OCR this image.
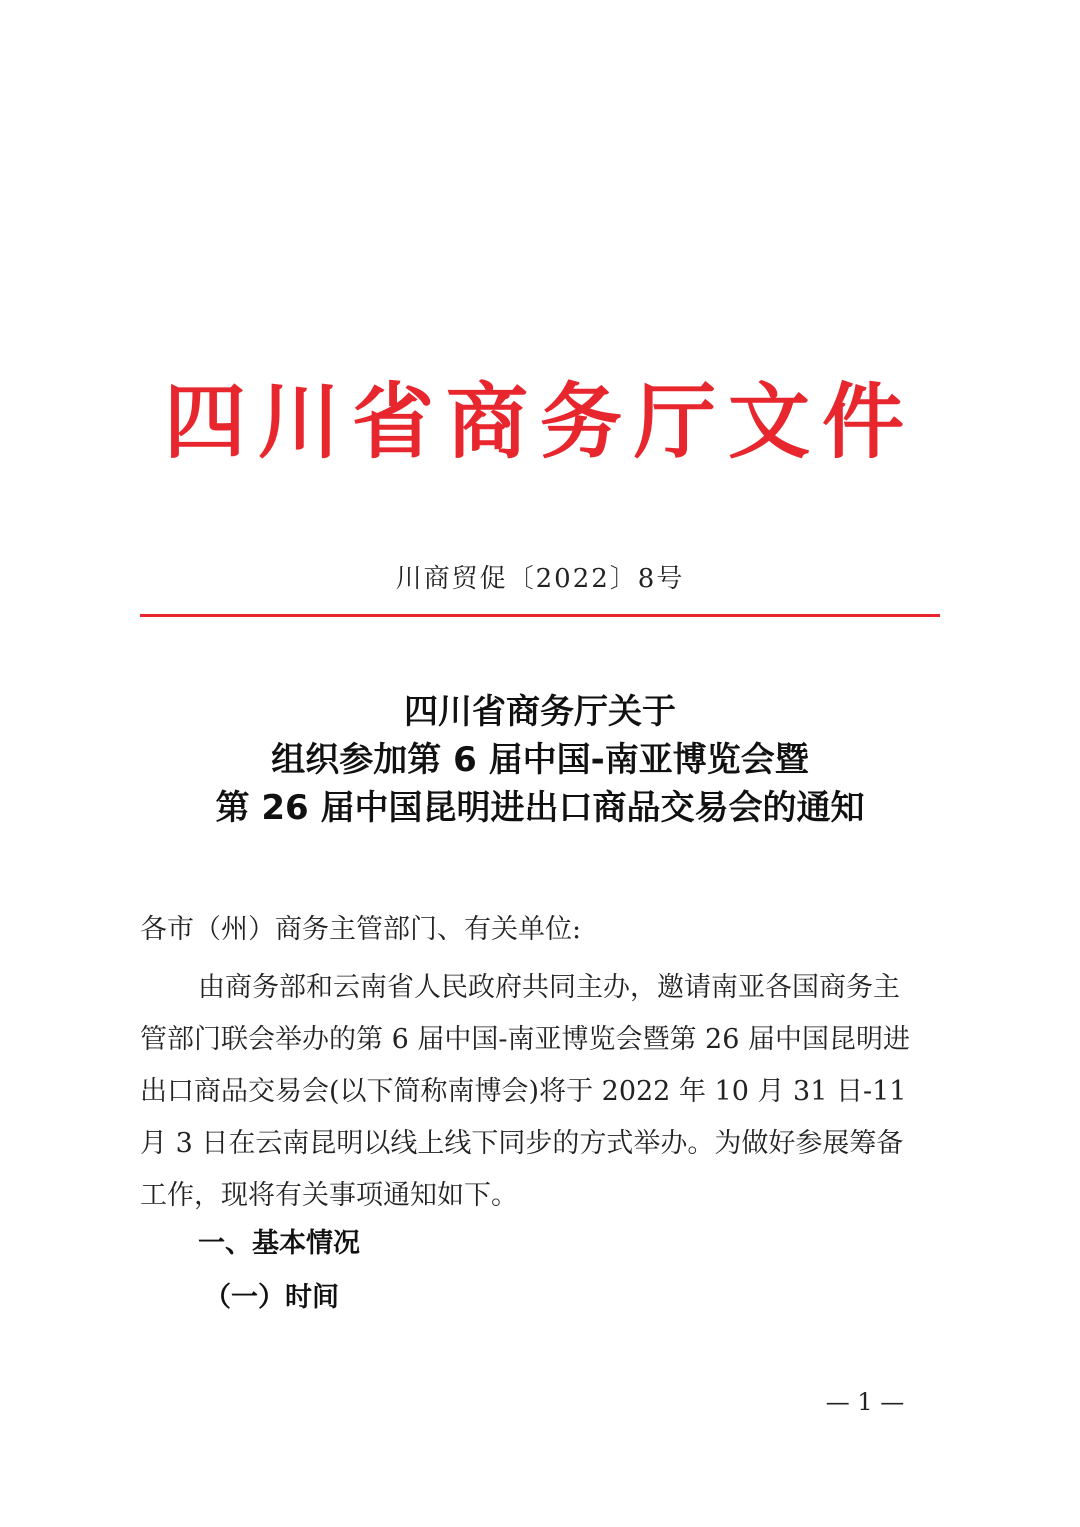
四川省商务厅文件
川商贸促〔2022〕8号
四川省商务厅关于
组织参加第 6 届中国-南亚博览会暨
第 26 届中国昆明进出口商品交易会的通知
各市（州）商务主管部门、有关单位:
由商务部和云南省人民政府共同主办，邀请南亚各国商务主
管部门联会举办的第 6 届中国-南亚博览会暨第 26 届中国昆明进
出口商品交易会(以下简称南博会)将于 2022 年 10 月 31 日-11
月 3 日在云南昆明以线上线下同步的方式举办。为做好参展筹备
工作，现将有关事项通知如下。
一、基本情况
（一）时间
— 1 —
